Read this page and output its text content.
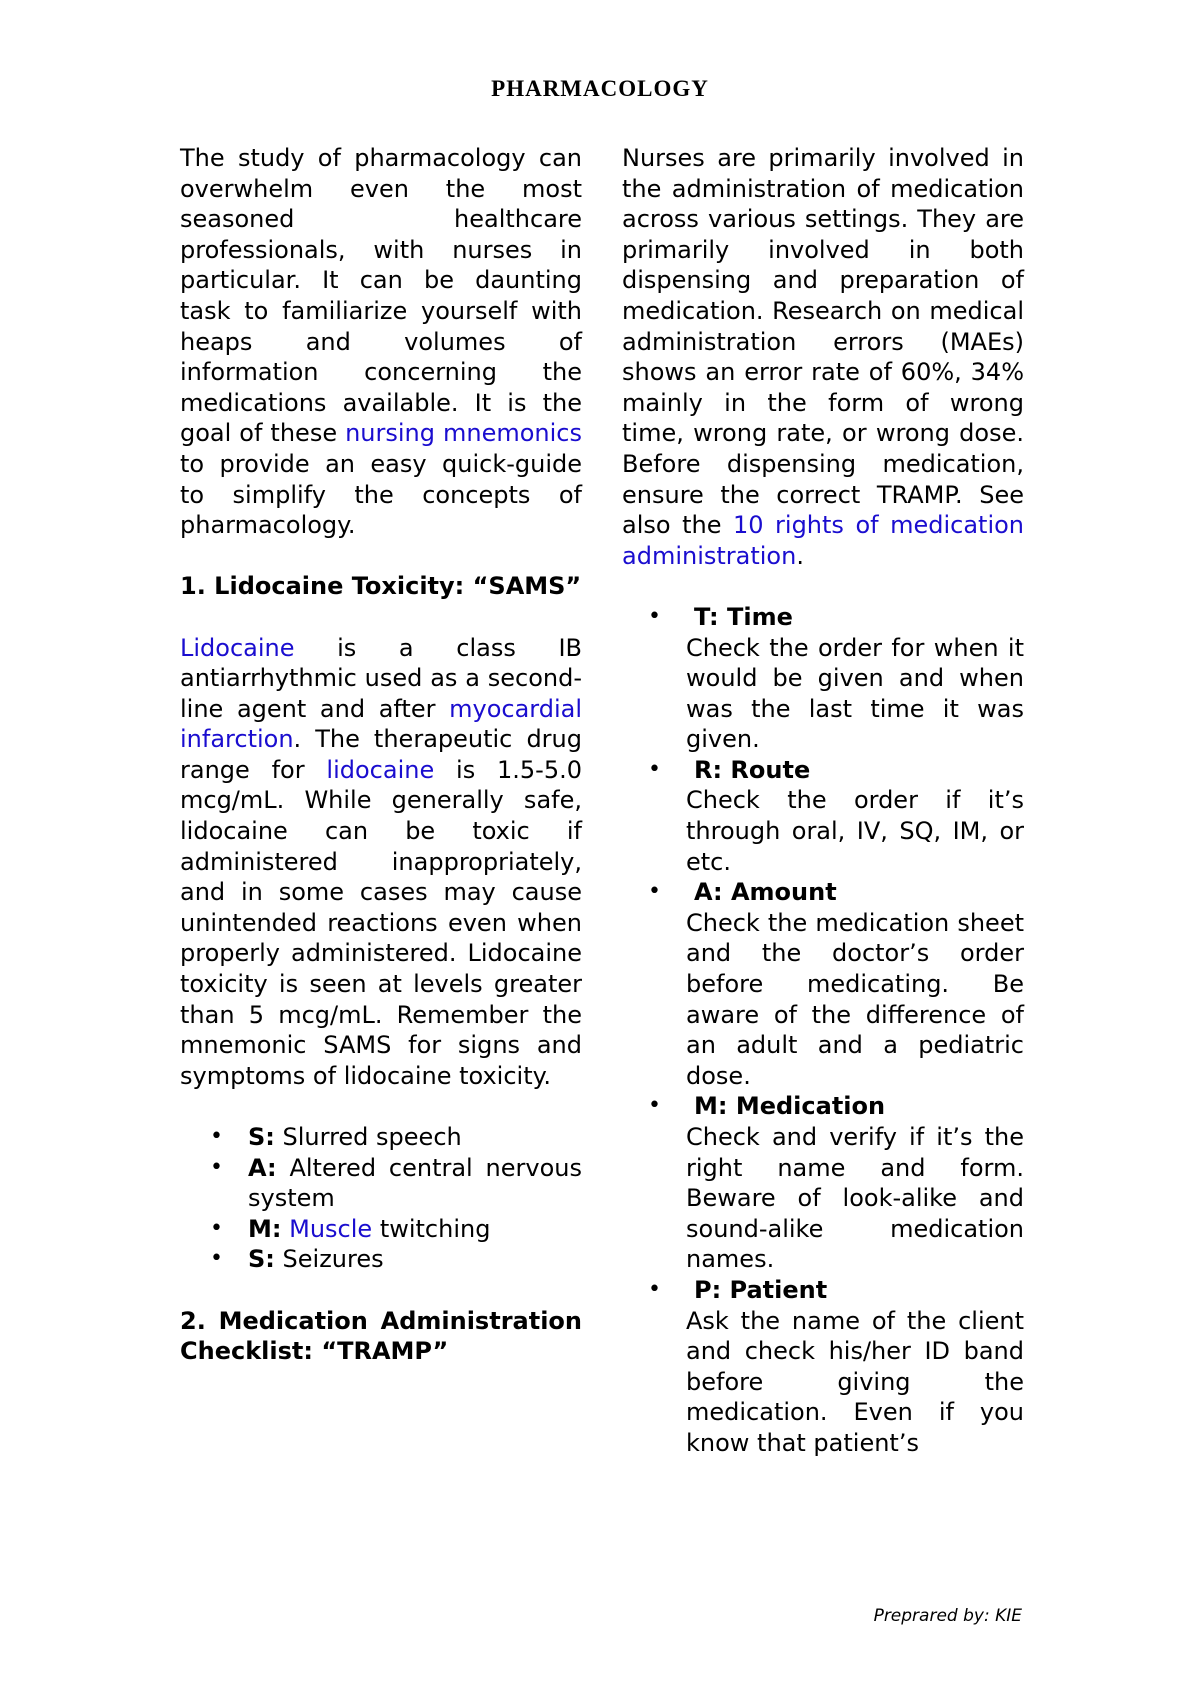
PHARMACOLOGY

The study of pharmacology can overwhelm even the most seasoned healthcare professionals, with nurses in particular. It can be daunting task to familiarize yourself with heaps and volumes of information concerning the medications available. It is the goal of these nursing mnemonics to provide an easy quick-guide to simplify the concepts of pharmacology.

1. Lidocaine Toxicity: “SAMS”

Lidocaine is a class IB antiarrhythmic used as a second-line agent and after myocardial infarction. The therapeutic drug range for lidocaine is 1.5-5.0 mcg/mL. While generally safe, lidocaine can be toxic if administered inappropriately, and in some cases may cause unintended reactions even when properly administered. Lidocaine toxicity is seen at levels greater than 5 mcg/mL. Remember the mnemonic SAMS for signs and symptoms of lidocaine toxicity.

• S: Slurred speech
• A: Altered central nervous system
• M: Muscle twitching
• S: Seizures

2. Medication Administration Checklist: “TRAMP”

Nurses are primarily involved in the administration of medication across various settings. They are primarily involved in both dispensing and preparation of medication. Research on medical administration errors (MAEs) shows an error rate of 60%, 34% mainly in the form of wrong time, wrong rate, or wrong dose. Before dispensing medication, ensure the correct TRAMP. See also the 10 rights of medication administration.

• T: Time
Check the order for when it would be given and when was the last time it was given.
• R: Route
Check the order if it’s through oral, IV, SQ, IM, or etc.
• A: Amount
Check the medication sheet and the doctor’s order before medicating. Be aware of the difference of an adult and a pediatric dose.
• M: Medication
Check and verify if it’s the right name and form. Beware of look-alike and sound-alike medication names.
• P: Patient
Ask the name of the client and check his/her ID band before giving the medication. Even if you know that patient’s
Preprared by: KIE
